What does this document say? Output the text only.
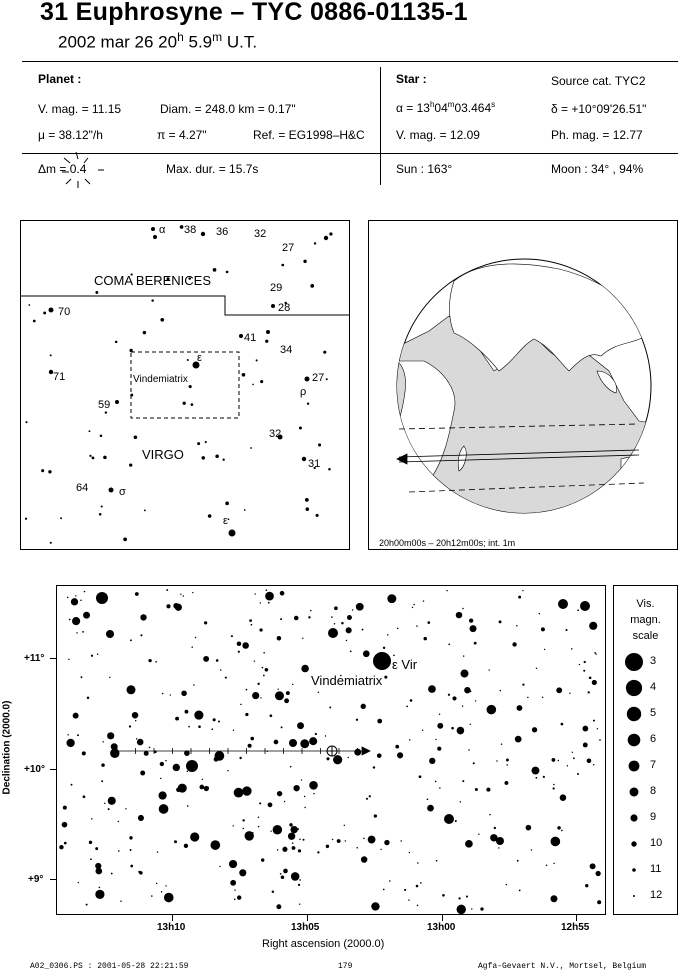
31 Euphrosyne – TYC 0886-01135-1
2002 mar 26 20$^h$ 5.9$^m$ U.T.
Planet :
V. mag. = 11.15	Diam. = 248.0 km = 0.17"
μ = 38.12"/h	π = 4.27"	Ref. = EG1998–H&C
Δm = 0.4	Max. dur. = 15.7s
Star :	Source cat. TYC2
$\alpha = 13^h04^m03.464^s$	δ = +10°09'26.51"
V. mag. = 12.09	Ph. mag. = 12.77
Sun : 163°	Moon : 34° , 94%
COMA BERENICES
VIRGO
Vindemiatrix
α 38 36 32
27
29
28
70
41
34
71	27
ρ
59
32
31
64	σ
ε
ε
20h00m00s – 20h12m00s; int. 1m
ε Vir
Vindemiatrix
Declination (2000.0)
+11°
+10°
+9°
13h10	13h05	13h00	12h55
Right ascension (2000.0)
Vis.
magn.
scale
3
4
5
6
7
8
9
10
11
12
A02_0306.PS : 2001-05-28 22:21:59	179	Agfa-Gevaert N.V., Mortsel, Belgium
